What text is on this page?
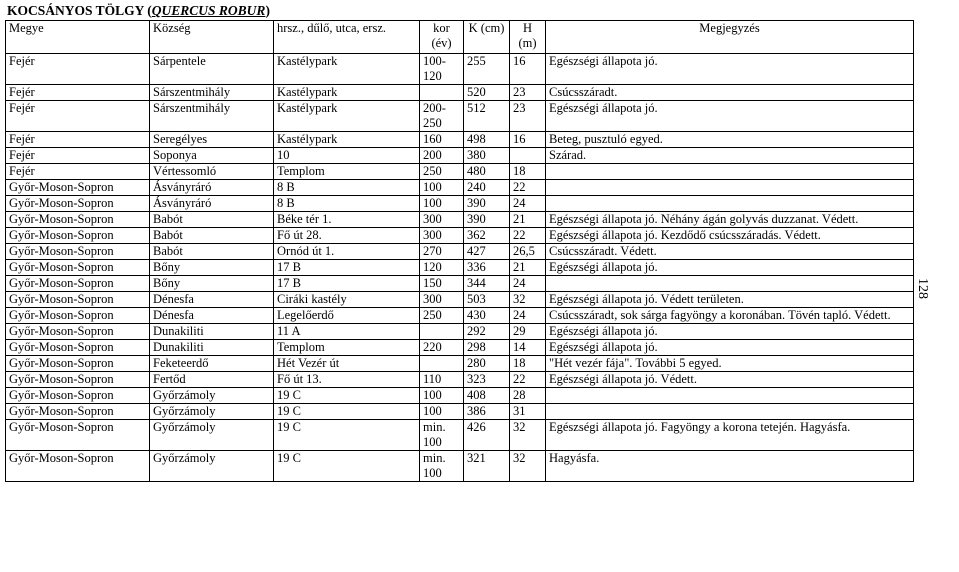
KOCSÁNYOS TÖLGY (QUERCUS ROBUR)
128
Megye	Község	hrsz., dűlő, utca, ersz.	kor (év)	K (cm)	H (m)	Megjegyzés
Fejér	Sárpentele	Kastélypark	100-120	255	16	Egészségi állapota jó.
Fejér	Sárszentmihály	Kastélypark		520	23	Csúcsszáradt.
Fejér	Sárszentmihály	Kastélypark	200-250	512	23	Egészségi állapota jó.
Fejér	Seregélyes	Kastélypark	160	498	16	Beteg, pusztuló egyed.
Fejér	Soponya	10	200	380		Szárad.
Fejér	Vértessomló	Templom	250	480	18	
Győr-Moson-Sopron	Ásványráró	8 B	100	240	22	
Győr-Moson-Sopron	Ásványráró	8 B	100	390	24	
Győr-Moson-Sopron	Babót	Béke tér 1.	300	390	21	Egészségi állapota jó. Néhány ágán golyvás duzzanat. Védett.
Győr-Moson-Sopron	Babót	Fő út 28.	300	362	22	Egészségi állapota jó. Kezdődő csúcsszáradás. Védett.
Győr-Moson-Sopron	Babót	Ornód út 1.	270	427	26,5	Csúcsszáradt. Védett.
Győr-Moson-Sopron	Bőny	17 B	120	336	21	Egészségi állapota jó.
Győr-Moson-Sopron	Bőny	17 B	150	344	24	
Győr-Moson-Sopron	Dénesfa	Ciráki kastély	300	503	32	Egészségi állapota jó. Védett területen.
Győr-Moson-Sopron	Dénesfa	Legelőerdő	250	430	24	Csúcsszáradt, sok sárga fagyöngy a koronában. Tövén tapló. Védett.
Győr-Moson-Sopron	Dunakiliti	11 A		292	29	Egészségi állapota jó.
Győr-Moson-Sopron	Dunakiliti	Templom	220	298	14	Egészségi állapota jó.
Győr-Moson-Sopron	Feketeerdő	Hét Vezér út		280	18	"Hét vezér fája". További 5 egyed.
Győr-Moson-Sopron	Fertőd	Fő út 13.	110	323	22	Egészségi állapota jó. Védett.
Győr-Moson-Sopron	Győrzámoly	19 C	100	408	28	
Győr-Moson-Sopron	Győrzámoly	19 C	100	386	31	
Győr-Moson-Sopron	Győrzámoly	19 C	min. 100	426	32	Egészségi állapota jó. Fagyöngy a korona tetején. Hagyásfa.
Győr-Moson-Sopron	Győrzámoly	19 C	min. 100	321	32	Hagyásfa.
